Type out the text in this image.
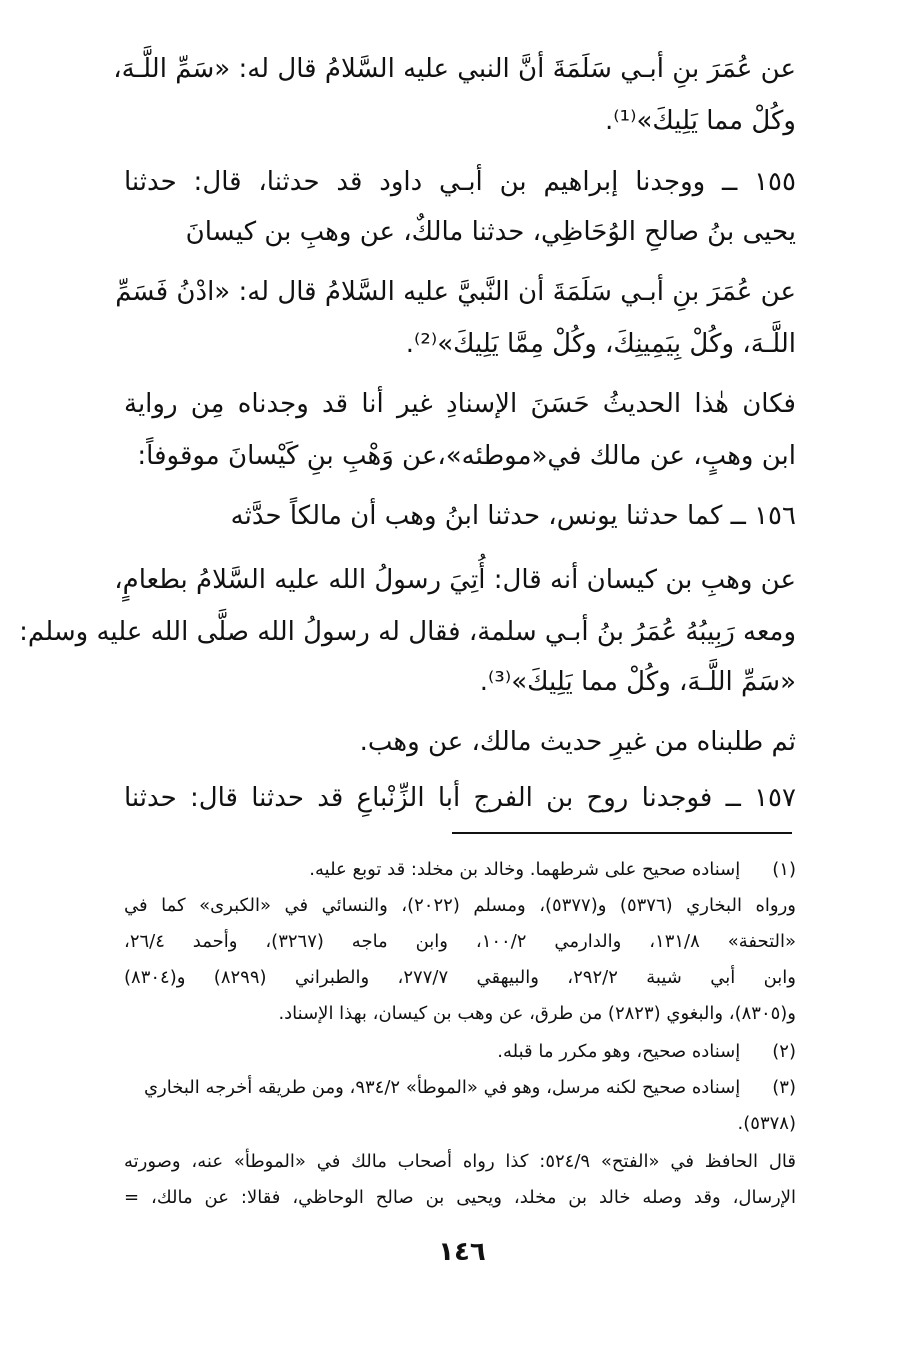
عن عُمَرَ بنِ أبـي سَلَمَةَ أنَّ النبي عليه السَّلامُ قال له: «سَمِّ اللَّـهَ،
وكُلْ مما يَلِيكَ»⁽¹⁾.
١٥٥ ــ ووجدنا إبراهيم بن أبـي داود قد حدثنا، قال: حدثنا
يحيى بنُ صالحِ الوُحَاظِي، حدثنا مالكٌ، عن وهبِ بن كيسانَ
عن عُمَرَ بنِ أبـي سَلَمَةَ أن النَّبيَّ عليه السَّلامُ قال له: «ادْنُ فَسَمِّ
اللَّـهَ، وكُلْ بِيَمِينِكَ، وكُلْ مِمَّا يَلِيكَ»⁽²⁾.
فكان هٰذا الحديثُ حَسَنَ الإسنادِ غير أنا قد وجدناه مِن رواية
ابن وهبٍ، عن مالك في«موطئه»،عن وَهْبِ بنِ كَيْسانَ موقوفاً:
١٥٦ ــ كما حدثنا يونس، حدثنا ابنُ وهب أن مالكاً حدَّثه
عن وهبِ بن كيسان أنه قال: أُتِيَ رسولُ الله عليه السَّلامُ بطعامٍ،
ومعه رَبِيبُهُ عُمَرُ بنُ أبـي سلمة، فقال له رسولُ الله صلَّى الله عليه وسلم:
«سَمِّ اللَّـهَ، وكُلْ مما يَلِيكَ»⁽³⁾.
ثم طلبناه من غيرِ حديث مالك، عن وهب.
١٥٧ ــ فوجدنا روح بن الفرج أبا الزِّنْباعِ قد حدثنا قال: حدثنا
(١) إسناده صحيح على شرطهما. وخالد بن مخلد: قد توبع عليه.
ورواه البخاري (٥٣٧٦) و(٥٣٧٧)، ومسلم (٢٠٢٢)، والنسائي في «الكبرى» كما في
«التحفة» ١٣١/٨، والدارمي ١٠٠/٢، وابن ماجه (٣٢٦٧)، وأحمد ٢٦/٤،
وابن أبي شيبة ٢٩٢/٢، والبيهقي ٢٧٧/٧، والطبراني (٨٢٩٩) و(٨٣٠٤)
و(٨٣٠٥)، والبغوي (٢٨٢٣) من طرق، عن وهب بن كيسان، بهذا الإسناد.
(٢) إسناده صحيح، وهو مكرر ما قبله.
(٣) إسناده صحيح لكنه مرسل، وهو في «الموطأ» ٩٣٤/٢، ومن طريقه أخرجه البخاري
(٥٣٧٨).
قال الحافظ في «الفتح» ٥٢٤/٩: كذا رواه أصحاب مالك في «الموطأ» عنه، وصورته
الإرسال، وقد وصله خالد بن مخلد، ويحيى بن صالح الوحاظي، فقالا: عن مالك، =
١٤٦
